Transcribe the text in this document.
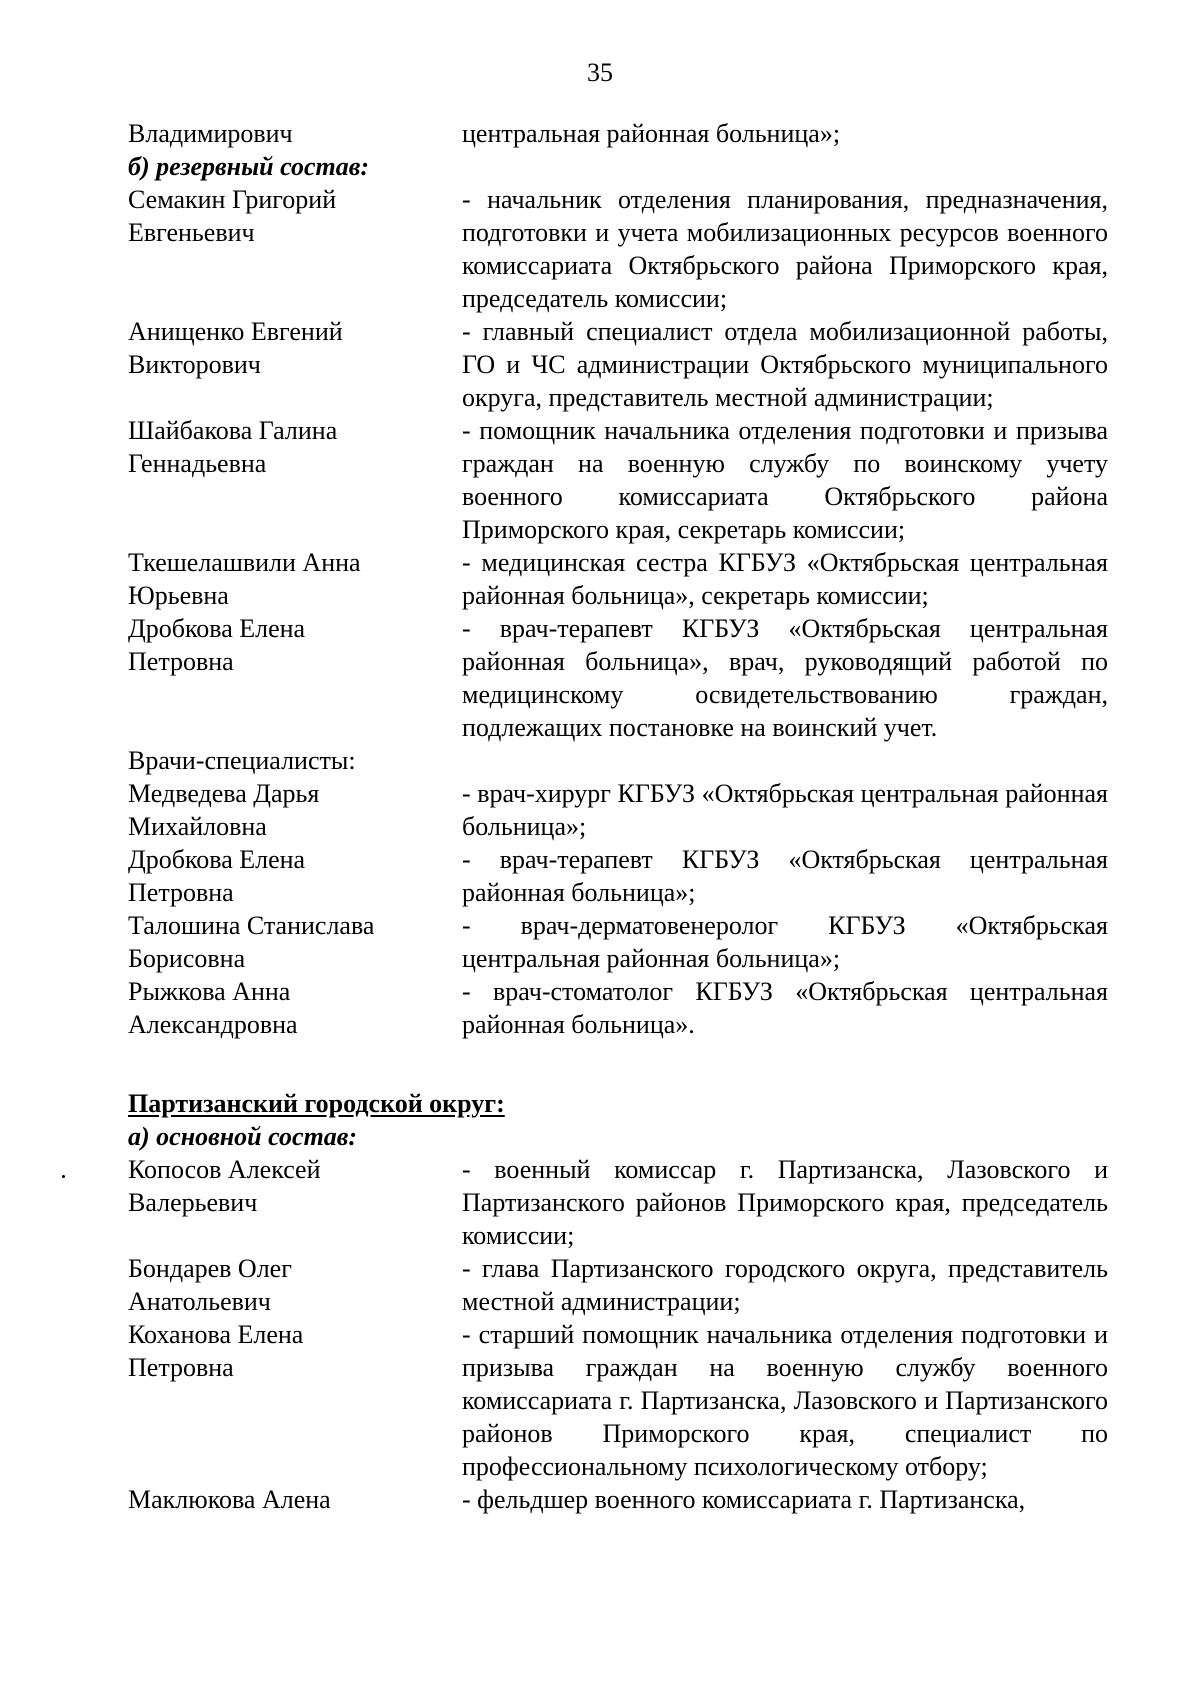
35
Владимирович	центральная районная больница»;
б) резервный состав:
Семакин Григорий
Евгеньевич
- начальник отделения планирования, предназначения, подготовки и учета мобилизационных ресурсов военного комиссариата Октябрьского района Приморского края, председатель комиссии;
Анищенко Евгений
Викторович
- главный специалист отдела мобилизационной работы, ГО и ЧС администрации Октябрьского муниципального округа, представитель местной администрации;
Шайбакова Галина
Геннадьевна
- помощник начальника отделения подготовки и призыва граждан на военную службу по воинскому учету военного комиссариата Октябрьского района Приморского края, секретарь комиссии;
Ткешелашвили Анна
Юрьевна
- медицинская сестра КГБУЗ «Октябрьская центральная районная больница», секретарь комиссии;
Дробкова Елена
Петровна
- врач-терапевт КГБУЗ «Октябрьская центральная районная больница», врач, руководящий работой по медицинскому освидетельствованию граждан, подлежащих постановке на воинский учет.
Врачи-специалисты:
Медведева Дарья
Михайловна
- врач-хирург КГБУЗ «Октябрьская центральная районная больница»;
Дробкова Елена
Петровна
- врач-терапевт КГБУЗ «Октябрьская центральная районная больница»;
Талошина Станислава
Борисовна
- врач-дерматовенеролог КГБУЗ «Октябрьская центральная районная больница»;
Рыжкова Анна
Александровна
- врач-стоматолог КГБУЗ «Октябрьская центральная районная больница».
Партизанский городской округ:
а) основной состав:
Копосов Алексей
Валерьевич
- военный комиссар г. Партизанска, Лазовского и Партизанского районов Приморского края, председатель комиссии;
Бондарев Олег
Анатольевич
- глава Партизанского городского округа, представитель местной администрации;
Коханова Елена
Петровна
- старший помощник начальника отделения подготовки и призыва граждан на военную службу военного комиссариата г. Партизанска, Лазовского и Партизанского районов Приморского края, специалист по профессиональному психологическому отбору;
Маклюкова Алена	- фельдшер военного комиссариата г. Партизанска,
